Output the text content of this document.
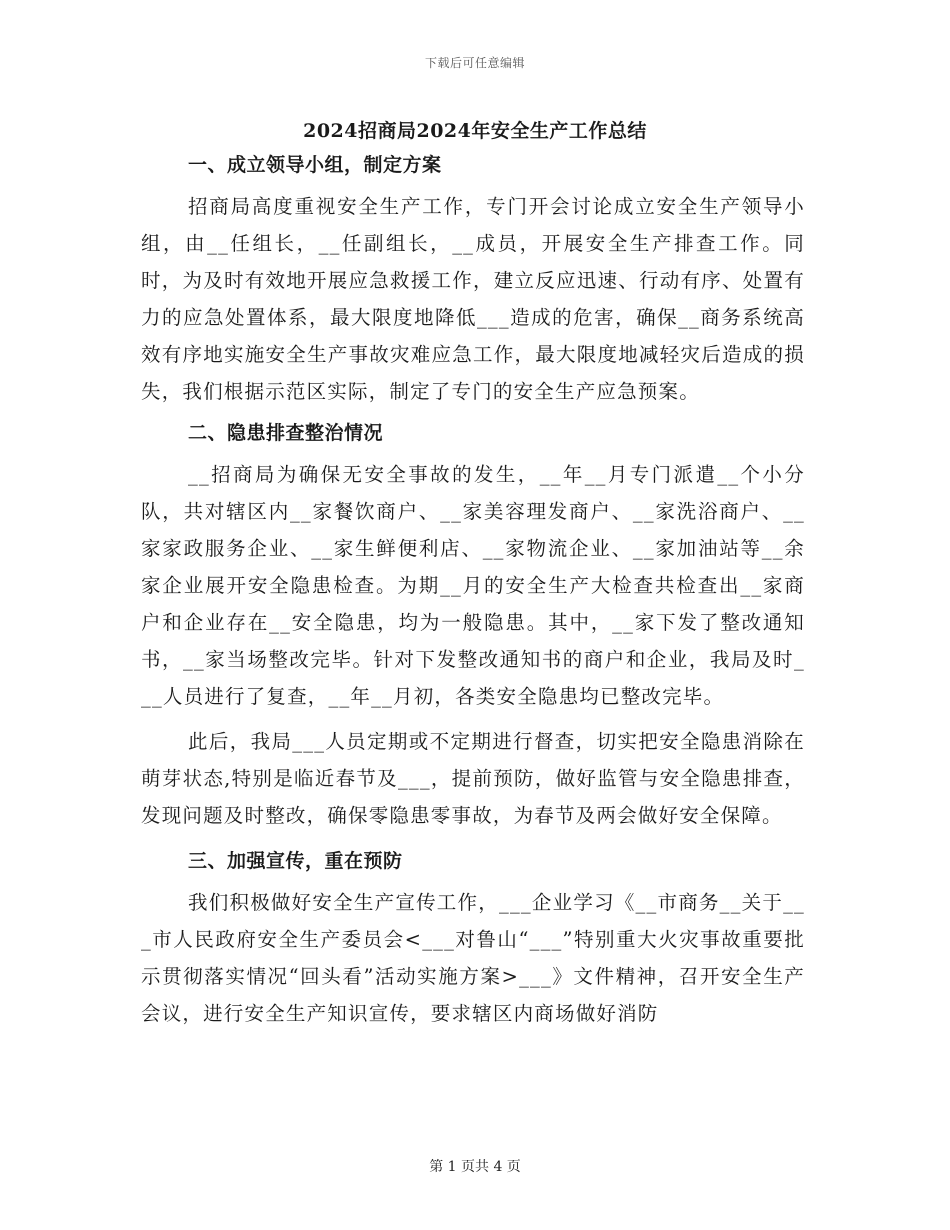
下载后可任意编辑
2024招商局2024年安全生产工作总结
一、成立领导小组，制定方案
招商局高度重视安全生产工作，专门开会讨论成立安全生产领导小组，由__任组长，__任副组长，__成员，开展安全生产排查工作。同时，为及时有效地开展应急救援工作，建立反应迅速、行动有序、处置有力的应急处置体系，最大限度地降低___造成的危害，确保__商务系统高效有序地实施安全生产事故灾难应急工作，最大限度地减轻灾后造成的损失，我们根据示范区实际，制定了专门的安全生产应急预案。
二、隐患排查整治情况
__招商局为确保无安全事故的发生，__年__月专门派遣__个小分队，共对辖区内__家餐饮商户、__家美容理发商户、__家洗浴商户、__家家政服务企业、__家生鲜便利店、__家物流企业、__家加油站等__余家企业展开安全隐患检查。为期__月的安全生产大检查共检查出__家商户和企业存在__安全隐患，均为一般隐患。其中，__家下发了整改通知书，__家当场整改完毕。针对下发整改通知书的商户和企业，我局及时___人员进行了复查，__年__月初，各类安全隐患均已整改完毕。
此后，我局___人员定期或不定期进行督查，切实把安全隐患消除在萌芽状态,特别是临近春节及___，提前预防，做好监管与安全隐患排查，发现问题及时整改，确保零隐患零事故，为春节及两会做好安全保障。
三、加强宣传，重在预防
我们积极做好安全生产宣传工作，___企业学习《__市商务__关于___市人民政府安全生产委员会<___对鲁山“___”特别重大火灾事故重要批示贯彻落实情况“回头看”活动实施方案>___》文件精神，召开安全生产会议，进行安全生产知识宣传，要求辖区内商场做好消防
第 1 页共 4 页
